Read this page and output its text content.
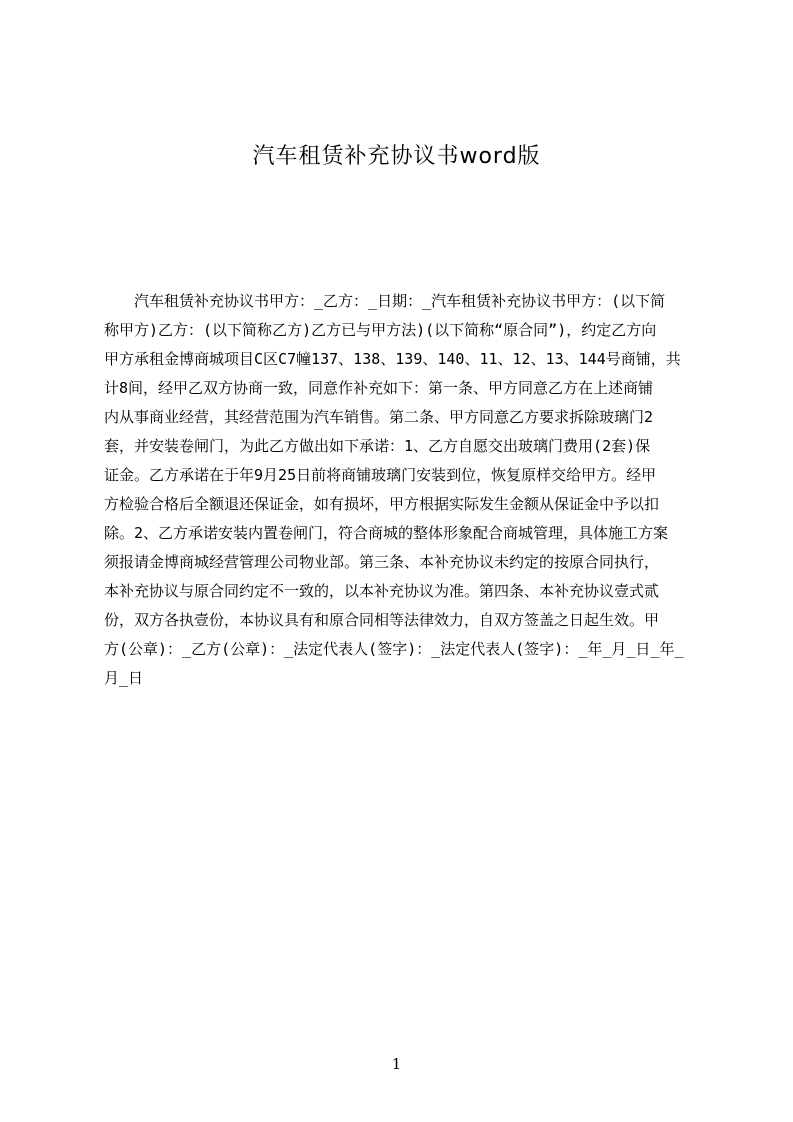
汽车租赁补充协议书word版
　　汽车租赁补充协议书甲方：_乙方：_日期：_汽车租赁补充协议书甲方：(以下简
称甲方)乙方：(以下简称乙方)乙方已与甲方法)(以下简称“原合同”)，约定乙方向
甲方承租金博商城项目C区C7幢137、138、139、140、11、12、13、144号商铺，共
计8间，经甲乙双方协商一致，同意作补充如下：第一条、甲方同意乙方在上述商铺
内从事商业经营，其经营范围为汽车销售。第二条、甲方同意乙方要求拆除玻璃门2
套，并安装卷闸门，为此乙方做出如下承诺：1、乙方自愿交出玻璃门费用(2套)保
证金。乙方承诺在于年9月25日前将商铺玻璃门安装到位，恢复原样交给甲方。经甲
方检验合格后全额退还保证金，如有损坏，甲方根据实际发生金额从保证金中予以扣
除。2、乙方承诺安装内置卷闸门，符合商城的整体形象配合商城管理，具体施工方案
须报请金博商城经营管理公司物业部。第三条、本补充协议未约定的按原合同执行，
本补充协议与原合同约定不一致的，以本补充协议为准。第四条、本补充协议壹式贰
份，双方各执壹份，本协议具有和原合同相等法律效力，自双方签盖之日起生效。甲
方(公章)：_乙方(公章)：_法定代表人(签字)：_法定代表人(签字)：_年_月_日_年_
月_日
1
